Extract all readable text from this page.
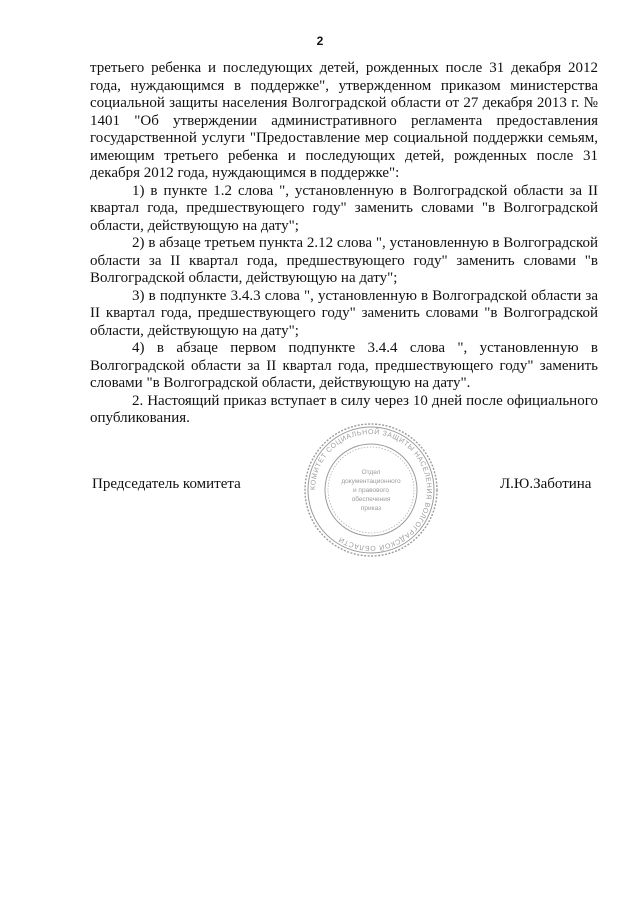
2

третьего ребенка и последующих детей, рожденных после 31 декабря 2012 года, нуждающимся в поддержке", утвержденном приказом министерства социальной защиты населения Волгоградской области от 27 декабря 2013 г. № 1401 "Об утверждении административного регламента предоставления государственной услуги "Предоставление мер социальной поддержки семьям, имеющим третьего ребенка и последующих детей, рожденных после 31 декабря 2012 года, нуждающимся в поддержке":

1) в пункте 1.2 слова ", установленную в Волгоградской области за II квартал года, предшествующего году" заменить словами "в Волгоградской области, действующую на дату";

2) в абзаце третьем пункта 2.12 слова ", установленную в Волгоградской области за II квартал года, предшествующего году" заменить словами "в Волгоградской области, действующую на дату";

3) в подпункте 3.4.3 слова ", установленную в Волгоградской области за II квартал года, предшествующего году" заменить словами "в Волгоградской области, действующую на дату";

4) в абзаце первом подпункте 3.4.4 слова ", установленную в Волгоградской области за II квартал года, предшествующего году" заменить словами "в Волгоградской области, действующую на дату".

2. Настоящий приказ вступает в силу через 10 дней после официального опубликования.

Председатель комитета	Л.Ю.Заботина
КОМИТЕТ СОЦИАЛЬНОЙ ЗАЩИТЫ НАСЕЛЕНИЯ ВОЛГОГРАДСКОЙ ОБЛАСТИ
Отдел
документационного
и правового
обеспечения
приказ
